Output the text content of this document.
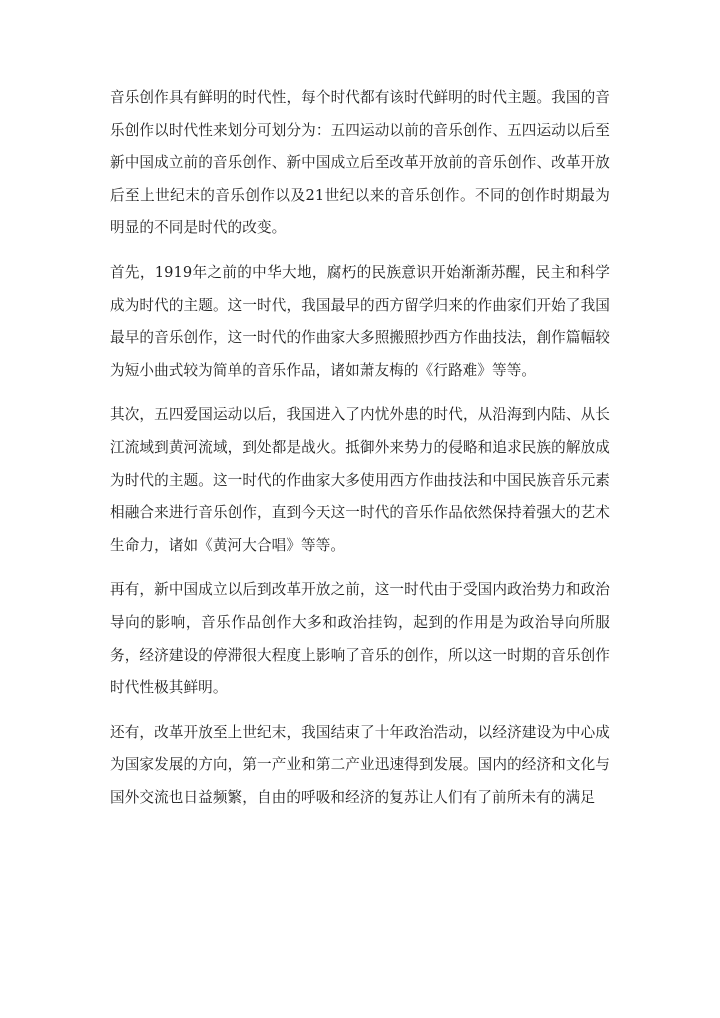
音乐创作具有鲜明的时代性，每个时代都有该时代鲜明的时代主题。我国的音乐创作以时代性来划分可划分为：五四运动以前的音乐创作、五四运动以后至新中国成立前的音乐创作、新中国成立后至改革开放前的音乐创作、改革开放后至上世纪末的音乐创作以及21世纪以来的音乐创作。不同的创作时期最为明显的不同是时代的改变。

首先，1919年之前的中华大地，腐朽的民族意识开始渐渐苏醒，民主和科学成为时代的主题。这一时代，我国最早的西方留学归来的作曲家们开始了我国最早的音乐创作，这一时代的作曲家大多照搬照抄西方作曲技法，創作篇幅较为短小曲式较为简单的音乐作品，诸如萧友梅的《行路难》等等。

其次，五四爱国运动以后，我国进入了内忧外患的时代，从沿海到内陆、从长江流域到黄河流域，到处都是战火。抵御外来势力的侵略和追求民族的解放成为时代的主题。这一时代的作曲家大多使用西方作曲技法和中国民族音乐元素相融合来进行音乐创作，直到今天这一时代的音乐作品依然保持着强大的艺术生命力，诸如《黄河大合唱》等等。

再有，新中国成立以后到改革开放之前，这一时代由于受国内政治势力和政治导向的影响，音乐作品创作大多和政治挂钩，起到的作用是为政治导向所服务，经济建设的停滞很大程度上影响了音乐的创作，所以这一时期的音乐创作时代性极其鲜明。

还有，改革开放至上世纪末，我国结束了十年政治浩动，以经济建设为中心成为国家发展的方向，第一产业和第二产业迅速得到发展。国内的经济和文化与国外交流也日益频繁，自由的呼吸和经济的复苏让人们有了前所未有的满足
